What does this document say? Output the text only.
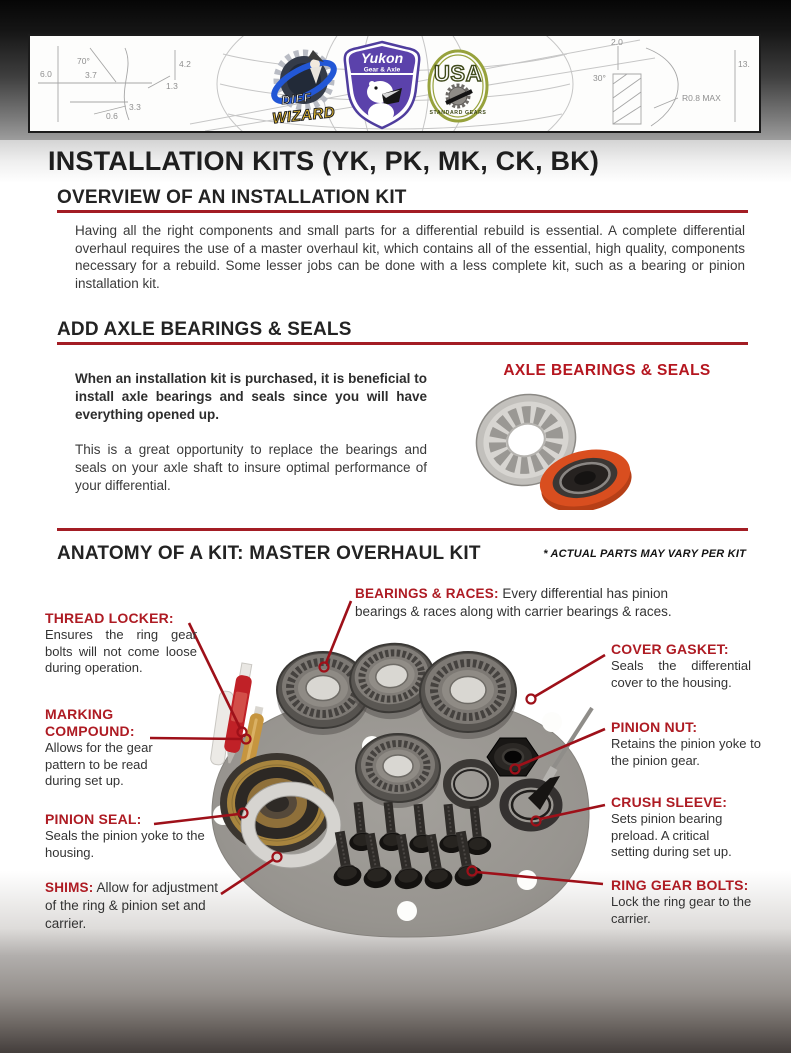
6.0
70°
3.7
4.2
1.3
3.3
0.6
2.0
30°
13.
R0.8 MAX
DIFF
WIZARD
Yukon
Gear & Axle USA
STANDARD GEARS
INSTALLATION KITS (YK, PK, MK, CK, BK)
OVERVIEW OF AN INSTALLATION KIT

Having all the right components and small parts for a differential rebuild is essential. A complete differential overhaul requires the use of a master overhaul kit, which contains all of the essential, high quality, components necessary for a rebuild. Some lesser jobs can be done with a less complete kit, such as a bearing or pinion installation kit.

ADD AXLE BEARINGS & SEALS

When an installation kit is purchased, it is beneficial to install axle bearings and seals since you will have everything opened up.

This is a great opportunity to replace the bearings and seals on your axle shaft to insure optimal performance of your differential.

AXLE BEARINGS & SEALS

ANATOMY OF A KIT: MASTER OVERHAUL KIT	* ACTUAL PARTS MAY VARY PER KIT
BEARINGS & RACES: Every differential has pinion bearings & races along with carrier bearings & races.
THREAD LOCKER:
Ensures the ring gear bolts will not come loose during operation.
MARKING COMPOUND:
Allows for the gear pattern to be read during set up.
PINION SEAL:
Seals the pinion yoke to the housing.
SHIMS: Allow for adjustment of the ring & pinion set and carrier.
COVER GASKET:
Seals the differential cover to the housing.
PINION NUT:
Retains the pinion yoke to the pinion gear.
CRUSH SLEEVE:
Sets pinion bearing preload. A critical setting during set up.
RING GEAR BOLTS:
Lock the ring gear to the carrier.
